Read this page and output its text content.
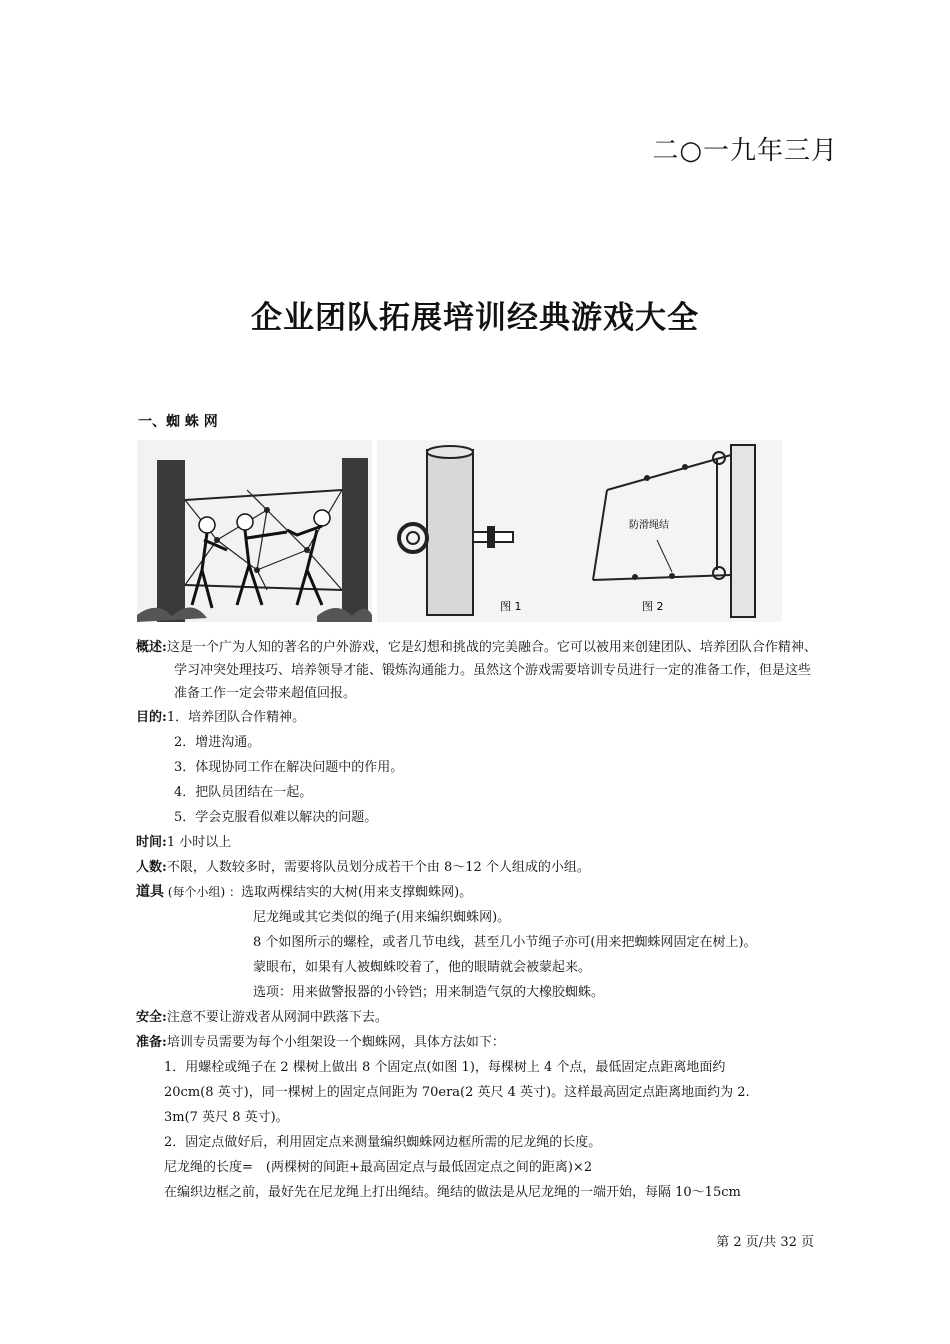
二○一九年三月
企业团队拓展培训经典游戏大全
一、蜘 蛛 网
图 1
防滑绳结
图 2
概述:这是一个广为人知的著名的户外游戏，它是幻想和挑战的完美融合。它可以被用来创建团队、培养团队合作精神、学习冲突处理技巧、培养领导才能、锻炼沟通能力。虽然这个游戏需要培训专员进行一定的准备工作，但是这些准备工作一定会带来超值回报。
目的:1．培养团队合作精神。
2．增进沟通。
3．体现协同工作在解决问题中的作用。
4．把队员团结在一起。
5．学会克服看似难以解决的问题。
时间:1 小时以上
人数:不限，人数较多时，需要将队员划分成若干个由 8～12 个人组成的小组。
道具 (每个小组) ：选取两棵结实的大树(用来支撑蜘蛛网)。
尼龙绳或其它类似的绳子(用来编织蜘蛛网)。
8 个如图所示的螺栓，或者几节电线，甚至几小节绳子亦可(用来把蜘蛛网固定在树上)。
蒙眼布，如果有人被蜘蛛咬着了，他的眼睛就会被蒙起来。
选项：用来做警报器的小铃铛；用来制造气氛的大橡胶蜘蛛。
安全:注意不要让游戏者从网洞中跌落下去。
准备:培训专员需要为每个小组架设一个蜘蛛网，具体方法如下：
1．用螺栓或绳子在 2 棵树上做出 8 个固定点(如图 1)，每棵树上 4 个点，最低固定点距离地面约
20cm(8 英寸)，同一棵树上的固定点间距为 70era(2 英尺 4 英寸)。这样最高固定点距离地面约为 2.
3m(7 英尺 8 英寸)。
2．固定点做好后，利用固定点来测量编织蜘蛛网边框所需的尼龙绳的长度。
尼龙绳的长度=　(两棵树的间距+最高固定点与最低固定点之间的距离)×2
在编织边框之前，最好先在尼龙绳上打出绳结。绳结的做法是从尼龙绳的一端开始，每隔 10～15cm
第 2 页/共 32 页
